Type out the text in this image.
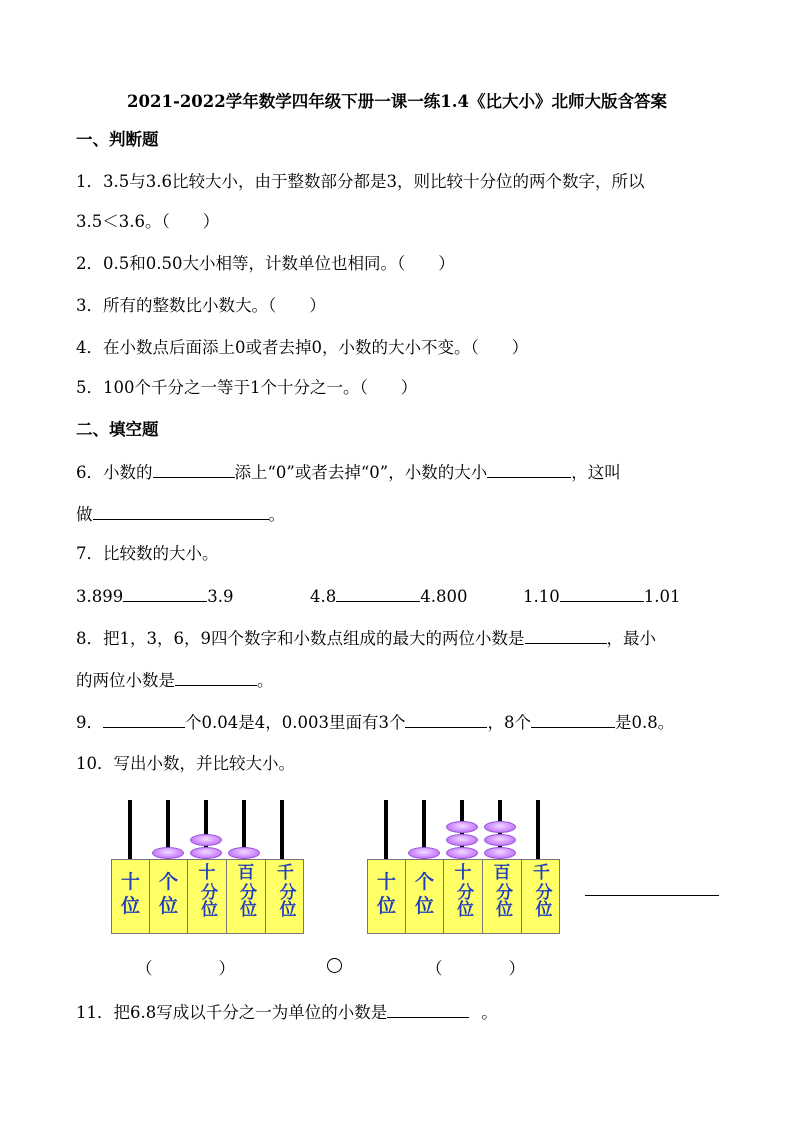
2021-2022学年数学四年级下册一课一练1.4《比大小》北师大版含答案
一、判断题
1．3.5与3.6比较大小，由于整数部分都是3，则比较十分位的两个数字，所以
3.5＜3.6。（　　）
2．0.5和0.50大小相等，计数单位也相同。（　　）
3．所有的整数比小数大。（　　）
4．在小数点后面添上0或者去掉0，小数的大小不变。（　　）
5．100个千分之一等于1个十分之一。（　　）
二、填空题
6．小数的	添上“0”或者去掉“0”，小数的大小	，这叫
做	。
7．比较数的大小。
3.899	3.9	4.8	4.800	1.10	1.01
8．把1，3，6，9四个数字和小数点组成的最大的两位小数是	，最小
的两位小数是	。
9．	个0.04是4，0.003里面有3个	，8个	是0.8。
10．写出小数，并比较大小。
十
位
个
位
十
分位
百
分位
千
分位
十
位
个
位
十
分位
百
分位
千
分位
（　　　　）	（　　　　）
11．把6.8写成以千分之一为单位的小数是	。
